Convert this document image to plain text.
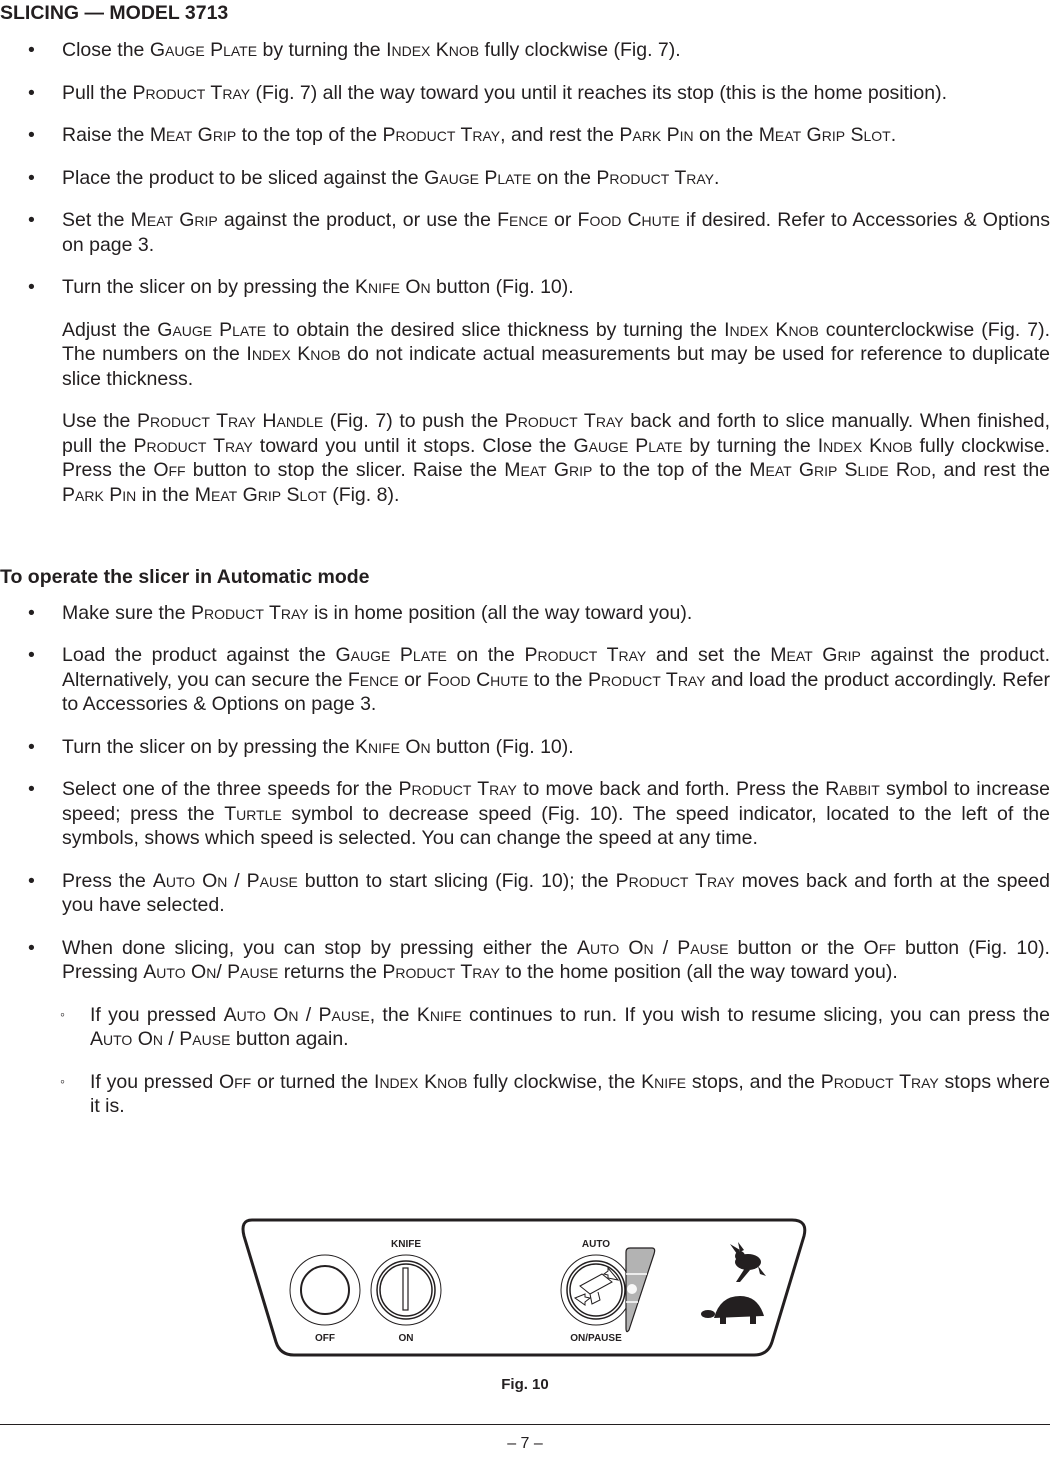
SLICING — MODEL 3713
• Close the Gauge Plate by turning the Index Knob fully clockwise (Fig. 7).
• Pull the Product Tray (Fig. 7) all the way toward you until it reaches its stop (this is the home position).
• Raise the Meat Grip to the top of the Product Tray, and rest the Park Pin on the Meat Grip Slot.
• Place the product to be sliced against the Gauge Plate on the Product Tray.
• Set the Meat Grip against the product, or use the Fence or Food Chute if desired. Refer to Accessories & Options on page 3.
• Turn the slicer on by pressing the Knife On button (Fig. 10).
Adjust the Gauge Plate to obtain the desired slice thickness by turning the Index Knob counterclockwise (Fig. 7). The numbers on the Index Knob do not indicate actual measurements but may be used for reference to duplicate slice thickness.
Use the Product Tray Handle (Fig. 7) to push the Product Tray back and forth to slice manually. When finished, pull the Product Tray toward you until it stops. Close the Gauge Plate by turning the Index Knob fully clockwise. Press the Off button to stop the slicer. Raise the Meat Grip to the top of the Meat Grip Slide Rod, and rest the Park Pin in the Meat Grip Slot (Fig. 8).
To operate the slicer in Automatic mode
• Make sure the Product Tray is in home position (all the way toward you).
• Load the product against the Gauge Plate on the Product Tray and set the Meat Grip against the product. Alternatively, you can secure the Fence or Food Chute to the Product Tray and load the product accordingly. Refer to Accessories & Options on page 3.
• Turn the slicer on by pressing the Knife On button (Fig. 10).
• Select one of the three speeds for the Product Tray to move back and forth. Press the Rabbit symbol to increase speed; press the Turtle symbol to decrease speed (Fig. 10). The speed indicator, located to the left of the symbols, shows which speed is selected. You can change the speed at any time.
• Press the Auto On / Pause button to start slicing (Fig. 10); the Product Tray moves back and forth at the speed you have selected.
• When done slicing, you can stop by pressing either the Auto On / Pause button or the Off button (Fig. 10). Pressing Auto On/ Pause returns the Product Tray to the home position (all the way toward you).
◦ If you pressed Auto On / Pause, the Knife continues to run. If you wish to resume slicing, you can press the Auto On / Pause button again.
◦ If you pressed Off or turned the Index Knob fully clockwise, the Knife stops, and the Product Tray stops where it is.
OFF
KNIFE
ON
AUTO
ON/PAUSE
Fig. 10
– 7 –
